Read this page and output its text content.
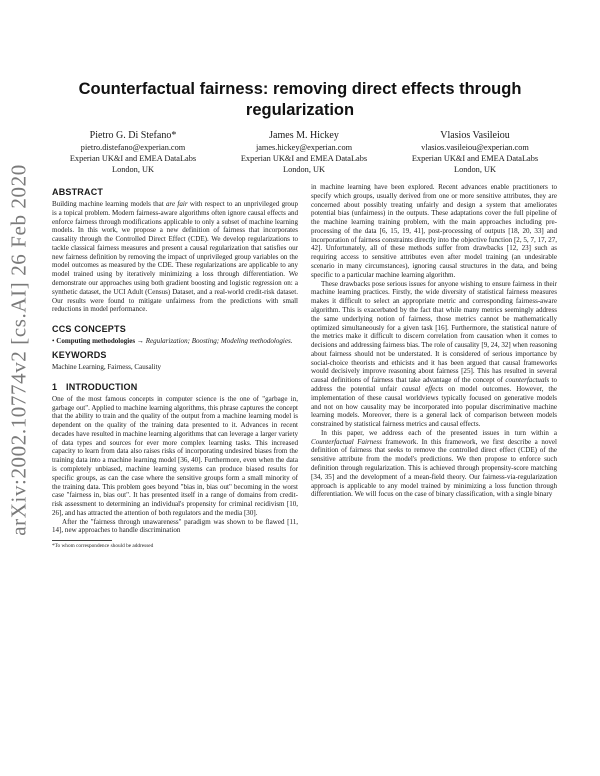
arXiv:2002.10774v2 [cs.AI] 26 Feb 2020
Counterfactual fairness: removing direct effects through regularization
Pietro G. Di Stefano*
pietro.distefano@experian.com
Experian UK&I and EMEA DataLabs
London, UK
James M. Hickey
james.hickey@experian.com
Experian UK&I and EMEA DataLabs
London, UK
Vlasios Vasileiou
vlasios.vasileiou@experian.com
Experian UK&I and EMEA DataLabs
London, UK
ABSTRACT

Building machine learning models that are fair with respect to an unprivileged group is a topical problem. Modern fairness-aware algorithms often ignore causal effects and enforce fairness through modifications applicable to only a subset of machine learning models. In this work, we propose a new definition of fairness that incorporates causality through the Controlled Direct Effect (CDE). We develop regularizations to tackle classical fairness measures and present a causal regularization that satisfies our new fairness definition by removing the impact of unprivileged group variables on the model outcomes as measured by the CDE. These regularizations are applicable to any model trained using by iteratively minimizing a loss through differentiation. We demonstrate our approaches using both gradient boosting and logistic regression on: a synthetic dataset, the UCI Adult (Census) Dataset, and a real-world credit-risk dataset. Our results were found to mitigate unfairness from the predictions with small reductions in model performance.

CCS CONCEPTS

• Computing methodologies → Regularization; Boosting; Modeling methodologies.

KEYWORDS

Machine Learning, Fairness, Causality

1 INTRODUCTION

One of the most famous concepts in computer science is the one of "garbage in, garbage out". Applied to machine learning algorithms, this phrase captures the concept that the ability to train and the quality of the output from a machine learning model is dependent on the quality of the training data presented to it. Advances in recent decades have resulted in machine learning algorithms that can leverage a larger variety of data types and sources for ever more complex learning tasks. This increased capacity to learn from data also raises risks of incorporating undesired biases from the training data into a machine learning model [36, 40]. Furthermore, even when the data is completely unbiased, machine learning systems can produce biased results for specific groups, as can the case where the sensitive groups form a small minority of the training data. This problem goes beyond "bias in, bias out" becoming in the worst case "fairness in, bias out". It has presented itself in a range of domains from credit-risk assessment to determining an individual's propensity for criminal recidivism [10, 26], and has attracted the attention of both regulators and the media [30].

After the "fairness through unawareness" paradigm was shown to be flawed [11, 14], new approaches to handle discrimination

*To whom correspondence should be addressed

in machine learning have been explored. Recent advances enable practitioners to specify which groups, usually derived from one or more sensitive attributes, they are concerned about possibly treating unfairly and design a system that ameliorates potential bias (unfairness) in the outputs. These adaptations cover the full pipeline of the machine learning training problem, with the main approaches including pre-processing of the data [6, 15, 19, 41], post-processing of outputs [18, 20, 33] and incorporation of fairness constraints directly into the objective function [2, 5, 7, 17, 27, 42]. Unfortunately, all of these methods suffer from drawbacks [12, 23] such as requiring access to sensitive attributes even after model training (an undesirable scenario in many circumstances), ignoring causal structures in the data, and being specific to a particular machine learning algorithm.

These drawbacks pose serious issues for anyone wishing to ensure fairness in their machine learning practices. Firstly, the wide diversity of statistical fairness measures makes it difficult to select an appropriate metric and corresponding fairness-aware algorithm. This is exacerbated by the fact that while many metrics seemingly address the same underlying notion of fairness, those metrics cannot be mathematically optimized simultaneously for a given task [16]. Furthermore, the statistical nature of the metrics make it difficult to discern correlation from causation when it comes to decisions and addressing fairness bias. The role of causality [9, 24, 32] when reasoning about fairness should not be understated. It is considered of serious importance by social-choice theorists and ethicists and it has been argued that causal frameworks would decisively improve reasoning about fairness [25]. This has resulted in several causal definitions of fairness that take advantage of the concept of counterfactuals to address the potential unfair causal effects on model outcomes. However, the implementation of these causal worldviews typically focused on generative models and not on how causality may be incorporated into popular discriminative machine learning models. Moreover, there is a general lack of comparison between models constrained by statistical fairness metrics and causal effects.

In this paper, we address each of the presented issues in turn within a Counterfactual Fairness framework. In this framework, we first describe a novel definition of fairness that seeks to remove the controlled direct effect (CDE) of the sensitive attribute from the model's predictions. We then propose to enforce such definition through regularization. This is achieved through propensity-score matching [34, 35] and the development of a mean-field theory. Our fairness-via-regularization approach is applicable to any model trained by minimizing a loss function through differentiation. We will focus on the case of binary classification, with a single binary
